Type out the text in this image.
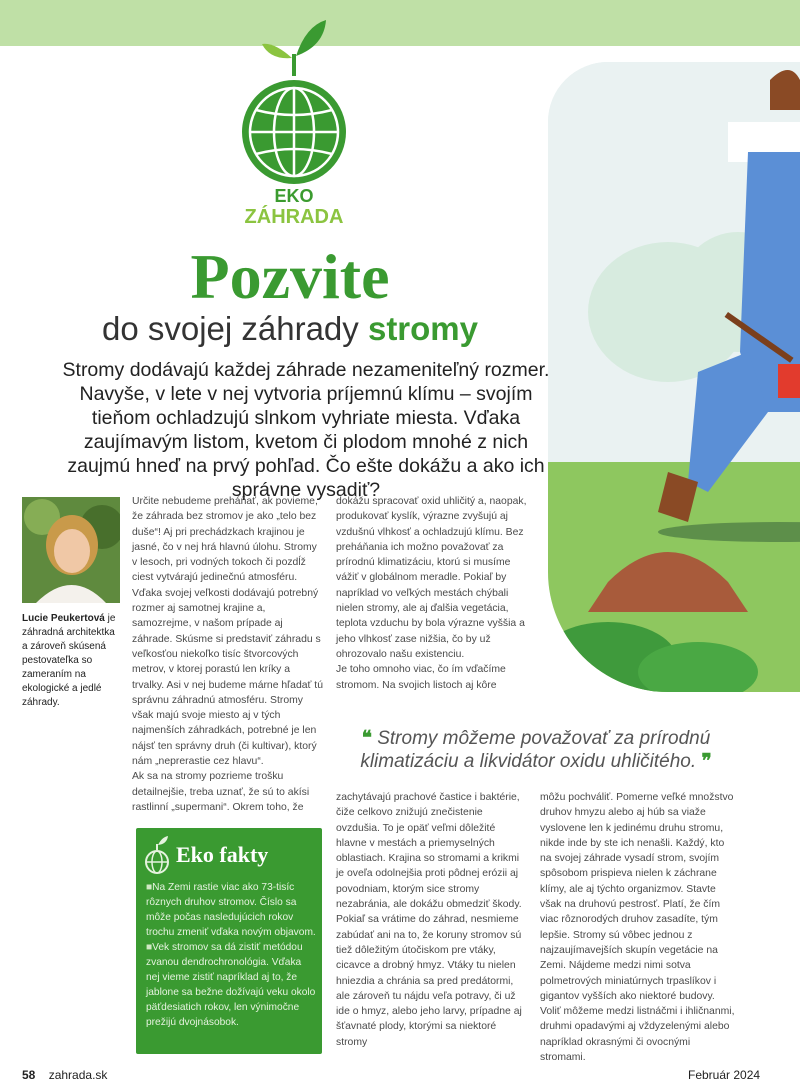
EKO
ZÁHRADA
Pozvite
do svojej záhrady stromy
Stromy dodávajú každej záhrade nezameniteľný rozmer. Navyše, v lete v nej vytvoria príjemnú klímu – svojím tieňom ochladzujú slnkom vyhriate miesta. Vďaka zaujímavým listom, kvetom či plodom mnohé z nich zaujmú hneď na prvý pohľad. Čo ešte dokážu a ako ich správne vysadiť?
Lucie Peukertová je záhradná architektka a zároveň skúsená pestovateľka so zameraním na ekologické a jedlé záhrady.

Určite nebudeme preháňať, ak povieme, že záhrada bez stromov je ako „telo bez duše“! Aj pri prechádzkach krajinou je jasné, čo v nej hrá hlavnú úlohu. Stromy v lesoch, pri vodných tokoch či pozdĺž ciest vytvárajú jedinečnú atmosféru. Vďaka svojej veľkosti dodávajú potrebný rozmer aj samotnej krajine a, samozrejme, v našom prípade aj záhrade. Skúsme si predstaviť záhradu s veľkosťou niekoľko tisíc štvorcových metrov, v ktorej porastú len kríky a trvalky. Asi v nej budeme márne hľadať tú správnu záhradnú atmosféru. Stromy však majú svoje miesto aj v tých najmenších záhradkách, potrebné je len nájsť ten správny druh (či kultivar), ktorý nám „neprerastie cez hlavu“.

Ak sa na stromy pozrieme trošku detailnejšie, treba uznať, že sú to akísi rastlinní „supermani“. Okrem toho, že

dokážu spracovať oxid uhličitý a, naopak, produkovať kyslík, výrazne zvyšujú aj vzdušnú vlhkosť a ochladzujú klímu. Bez preháňania ich možno považovať za prírodnú klimatizáciu, ktorú si musíme vážiť v globálnom meradle. Pokiaľ by napríklad vo veľkých mestách chýbali nielen stromy, ale aj ďalšia vegetácia, teplota vzduchu by bola výrazne vyššia a jeho vlhkosť zase nižšia, čo by už ohrozovalo našu existenciu.

Je toho omnoho viac, čo ím vďačíme stromom. Na svojich listoch aj kôre

❝ Stromy môžeme považovať za prírodnú klimatizáciu a likvidátor oxidu uhličitého. ❞

zachytávajú prachové častice i baktérie, čiže celkovo znižujú znečistenie ovzdušia. To je opäť veľmi dôležité hlavne v mestách a priemyselných oblastiach. Krajina so stromami a krikmi je oveľa odolnejšia proti pôdnej erózii aj povodniam, ktorým sice stromy nezabránia, ale dokážu obmedziť škody.

Pokiaľ sa vrátime do záhrad, nesmieme zabúdať ani na to, že koruny stromov sú tiež dôležitým útočiskom pre vtáky, cicavce a drobný hmyz. Vtáky tu nielen hniezdia a chránia sa pred predátormi, ale zároveň tu nájdu veľa potravy, či už ide o hmyz, alebo jeho larvy, prípadne aj šťavnaté plody, ktorými sa niektoré stromy

môžu pochváliť. Pomerne veľké množstvo druhov hmyzu alebo aj húb sa viaže vyslovene len k jedinému druhu stromu, nikde inde by ste ich nenašli. Každý, kto na svojej záhrade vysadí strom, svojím spôsobom prispieva nielen k záchrane klímy, ale aj týchto organizmov. Stavte však na druhovú pestrosť. Platí, že čím viac rôznorodých druhov zasadíte, tým lepšie. Stromy sú vôbec jednou z najzaujímavejších skupín vegetácie na Zemi. Nájdeme medzi nimi sotva polmetrových miniatúrnych trpaslíkov i gigantov vyšších ako niektoré budovy. Voliť môžeme medzi listnáčmi i ihličnanmi, druhmi opadavými aj vždyzelenými alebo napríklad okrasnými či ovocnými stromami.

Eko fakty
■ Na Zemi rastie viac ako 73-tisíc rôznych druhov stromov. Číslo sa môže počas nasledujúcich rokov trochu zmeniť vďaka novým objavom.
■ Vek stromov sa dá zistiť metódou zvanou dendrochronológia. Vďaka nej vieme zistiť napríklad aj to, že jablone sa bežne dožívajú veku okolo päťdesiatich rokov, len výnimočne prežijú dvojnásobok.
58 zahrada.sk	Február 2024
